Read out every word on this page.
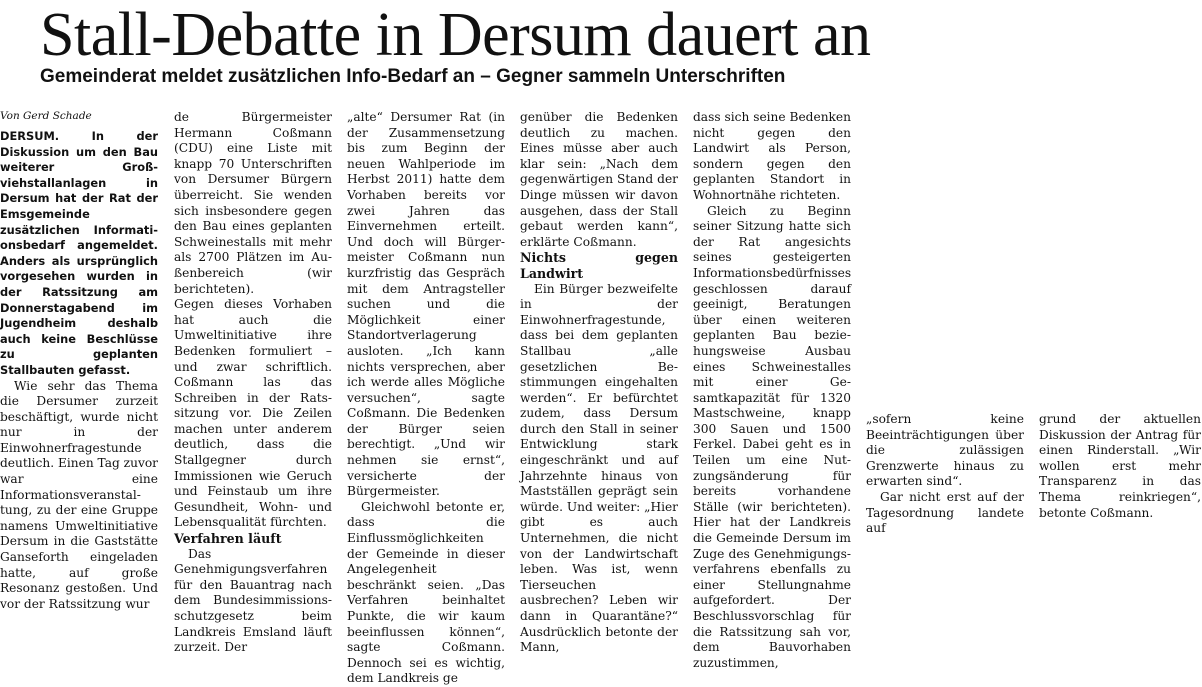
Stall-Debatte in Dersum dauert an
Gemeinderat meldet zusätzlichen Info-Bedarf an – Gegner sammeln Unterschriften
Von Gerd Schade

DERSUM. In der Diskussion um den Bau weiterer Großviehstallanlagen in Dersum hat der Rat der Emsgemeinde zusätzlichen Informationsbedarf angemeldet. Anders als ursprünglich vorgesehen wurden in der Ratssitzung am Donnerstagabend im Jugendheim deshalb auch keine Beschlüsse zu geplanten Stallbauten gefasst.

Wie sehr das Thema die Dersumer zurzeit beschäftigt, wurde nicht nur in der Einwohnerfragestunde deutlich. Einen Tag zuvor war eine Informationsveranstaltung, zu der eine Gruppe namens Umweltinitiative Dersum in die Gaststätte Ganseforth eingeladen hatte, auf große Resonanz gestoßen. Und vor der Ratssitzung wur

de Bürgermeister Hermann Coßmann (CDU) eine Liste mit knapp 70 Unterschriften von Dersumer Bürgern überreicht. Sie wenden sich insbesondere gegen den Bau eines geplanten Schweinestalls mit mehr als 2700 Plätzen im Außenbereich (wir berichteten).

Gegen dieses Vorhaben hat auch die Umweltinitiative ihre Bedenken formuliert – und zwar schriftlich. Coßmann las das Schreiben in der Ratssitzung vor. Die Zeilen machen unter anderem deutlich, dass die Stallgegner durch Immissionen wie Geruch und Feinstaub um ihre Gesundheit, Wohn- und Lebensqualität fürchten.

Verfahren läuft

Das Genehmigungsverfahren für den Bauantrag nach dem Bundesimmissionsschutzgesetz beim Landkreis Emsland läuft zurzeit. Der

„alte“ Dersumer Rat (in der Zusammensetzung bis zum Beginn der neuen Wahlperiode im Herbst 2011) hatte dem Vorhaben bereits vor zwei Jahren das Einvernehmen erteilt. Und doch will Bürgermeister Coßmann nun kurzfristig das Gespräch mit dem Antragsteller suchen und die Möglichkeit einer Standortverlagerung ausloten. „Ich kann nichts versprechen, aber ich werde alles Mögliche versuchen“, sagte Coßmann. Die Bedenken der Bürger seien berechtigt. „Und wir nehmen sie ernst“, versicherte der Bürgermeister.

Gleichwohl betonte er, dass die Einflussmöglichkeiten der Gemeinde in dieser Angelegenheit beschränkt seien. „Das Verfahren beinhaltet Punkte, die wir kaum beeinflussen können“, sagte Coßmann. Dennoch sei es wichtig, dem Landkreis ge

genüber die Bedenken deutlich zu machen. Eines müsse aber auch klar sein: „Nach dem gegenwärtigen Stand der Dinge müssen wir davon ausgehen, dass der Stall gebaut werden kann“, erklärte Coßmann.

Nichts gegen Landwirt

Ein Bürger bezweifelte in der Einwohnerfragestunde, dass bei dem geplanten Stallbau „alle gesetzlichen Bestimmungen eingehalten werden“. Er befürchtet zudem, dass Dersum durch den Stall in seiner Entwicklung stark eingeschränkt und auf Jahrzehnte hinaus von Mastställen geprägt sein würde. Und weiter: „Hier gibt es auch Unternehmen, die nicht von der Landwirtschaft leben. Was ist, wenn Tierseuchen ausbrechen? Leben wir dann in Quarantäne?“ Ausdrücklich betonte der Mann,

dass sich seine Bedenken nicht gegen den Landwirt als Person, sondern gegen den geplanten Standort in Wohnortnähe richteten.

Gleich zu Beginn seiner Sitzung hatte sich der Rat angesichts seines gesteigerten Informationsbedürfnisses geschlossen darauf geeinigt, Beratungen über einen weiteren geplanten Bau beziehungsweise Ausbau eines Schweinestalles mit einer Gesamtkapazität für 1320 Mastschweine, knapp 300 Sauen und 1500 Ferkel. Dabei geht es in Teilen um eine Nutzungsänderung für bereits vorhandene Ställe (wir berichteten). Hier hat der Landkreis die Gemeinde Dersum im Zuge des Genehmigungsverfahrens ebenfalls zu einer Stellungnahme aufgefordert. Der Beschlussvorschlag für die Ratssitzung sah vor, dem Bauvorhaben zuzustimmen,

„sofern keine Beeinträchtigungen über die zulässigen Grenzwerte hinaus zu erwarten sind“.

Gar nicht erst auf der Tagesordnung landete auf

grund der aktuellen Diskussion der Antrag für einen Rinderstall. „Wir wollen erst mehr Transparenz in das Thema reinkriegen“, betonte Coßmann.
